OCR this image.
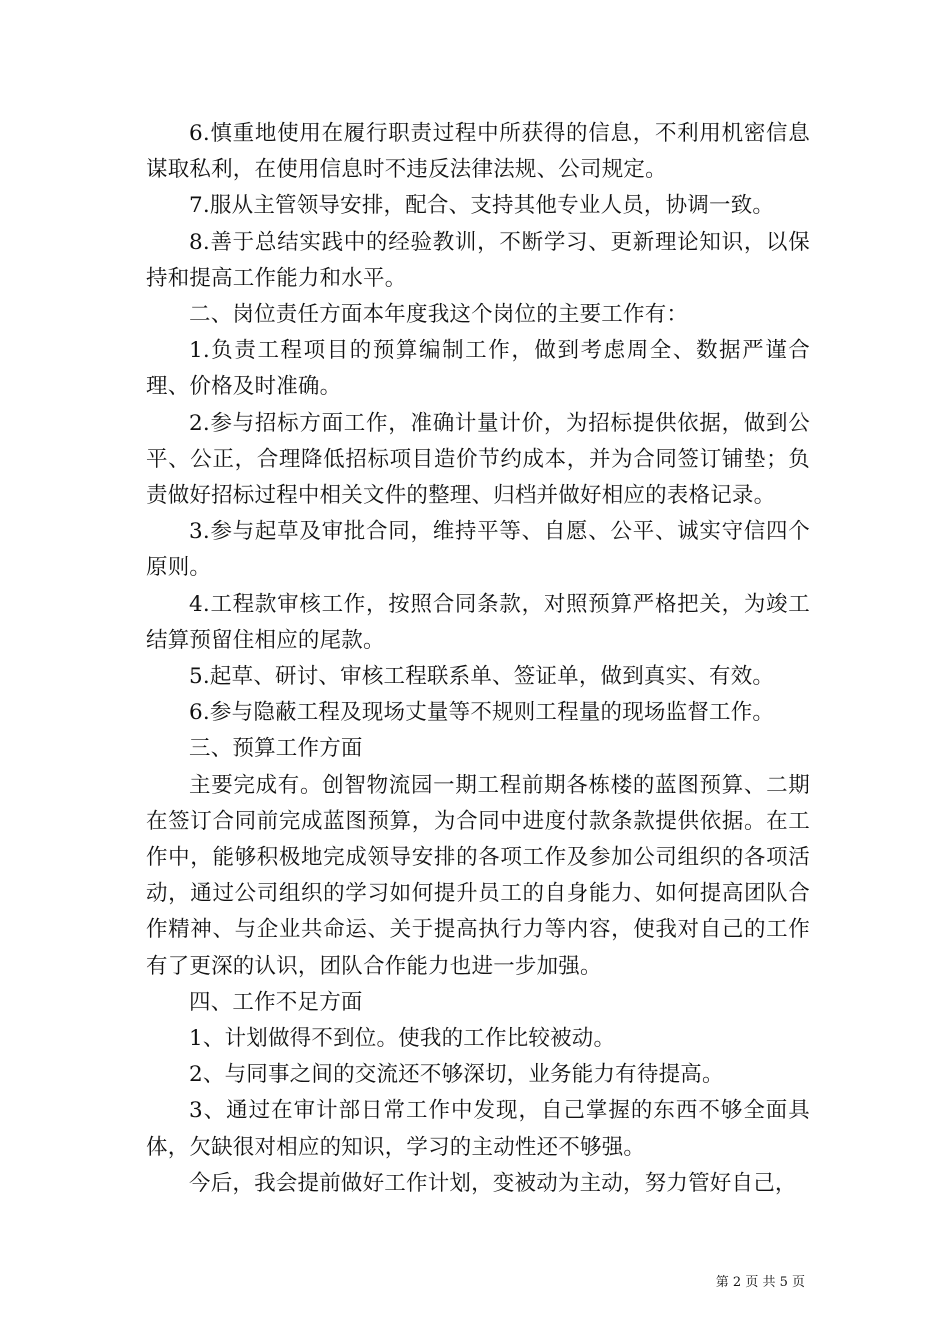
6.慎重地使用在履行职责过程中所获得的信息，不利用机密信息谋取私利，在使用信息时不违反法律法规、公司规定。

7.服从主管领导安排，配合、支持其他专业人员，协调一致。

8.善于总结实践中的经验教训，不断学习、更新理论知识，以保持和提高工作能力和水平。

二、岗位责任方面本年度我这个岗位的主要工作有：

1.负责工程项目的预算编制工作，做到考虑周全、数据严谨合理、价格及时准确。

2.参与招标方面工作，准确计量计价，为招标提供依据，做到公平、公正，合理降低招标项目造价节约成本，并为合同签订铺垫；负责做好招标过程中相关文件的整理、归档并做好相应的表格记录。

3.参与起草及审批合同，维持平等、自愿、公平、诚实守信四个原则。

4.工程款审核工作，按照合同条款，对照预算严格把关，为竣工结算预留住相应的尾款。

5.起草、研讨、审核工程联系单、签证单，做到真实、有效。

6.参与隐蔽工程及现场丈量等不规则工程量的现场监督工作。

三、预算工作方面

主要完成有。创智物流园一期工程前期各栋楼的蓝图预算、二期在签订合同前完成蓝图预算，为合同中进度付款条款提供依据。在工作中，能够积极地完成领导安排的各项工作及参加公司组织的各项活动，通过公司组织的学习如何提升员工的自身能力、如何提高团队合作精神、与企业共命运、关于提高执行力等内容，使我对自己的工作有了更深的认识，团队合作能力也进一步加强。

四、工作不足方面

1、计划做得不到位。使我的工作比较被动。

2、与同事之间的交流还不够深切，业务能力有待提高。

3、通过在审计部日常工作中发现，自己掌握的东西不够全面具体，欠缺很对相应的知识，学习的主动性还不够强。

今后，我会提前做好工作计划，变被动为主动，努力管好自己，

第 2 页 共 5 页
